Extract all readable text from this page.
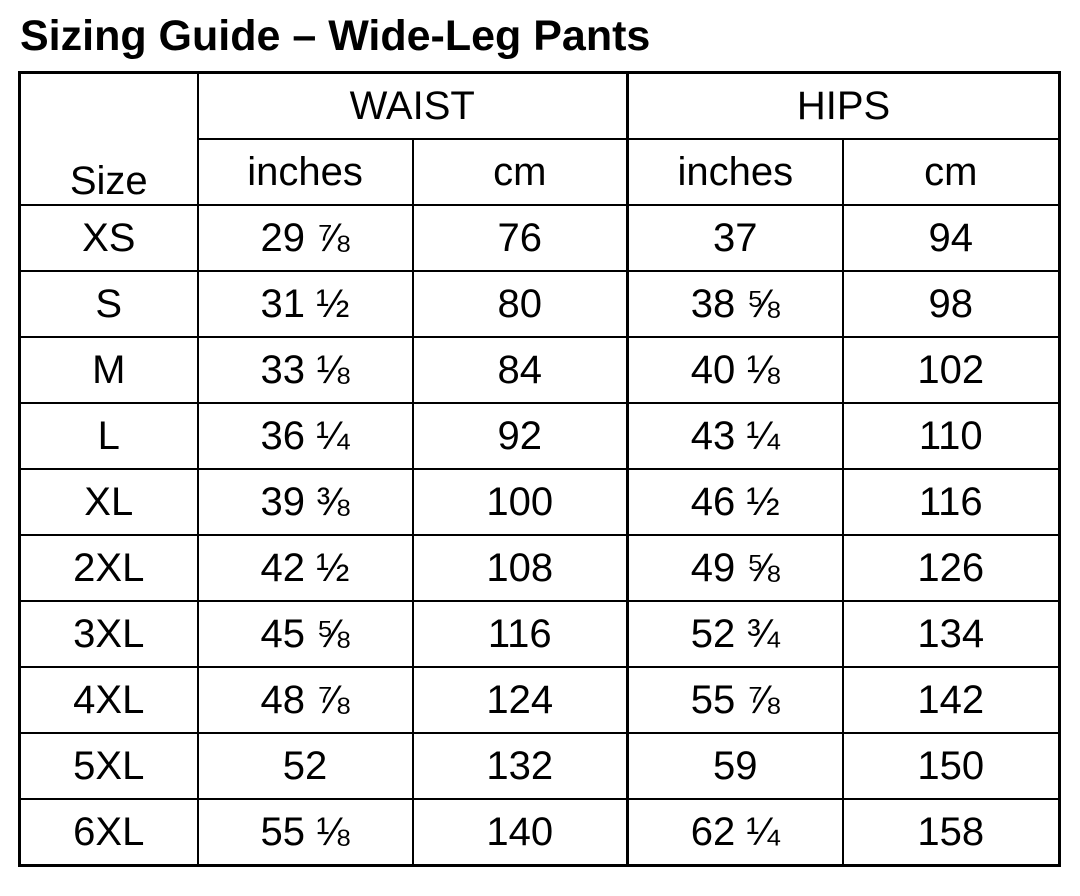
Sizing Guide – Wide-Leg Pants
Size	WAIST		HIPS	
	inches	cm	inches	cm
XS	29 ⅞	76	37	94
S	31 ½	80	38 ⅝	98
M	33 ⅛	84	40 ⅛	102
L	36 ¼	92	43 ¼	110
XL	39 ⅜	100	46 ½	116
2XL	42 ½	108	49 ⅝	126
3XL	45 ⅝	116	52 ¾	134
4XL	48 ⅞	124	55 ⅞	142
5XL	52	132	59	150
6XL	55 ⅛	140	62 ¼	158
